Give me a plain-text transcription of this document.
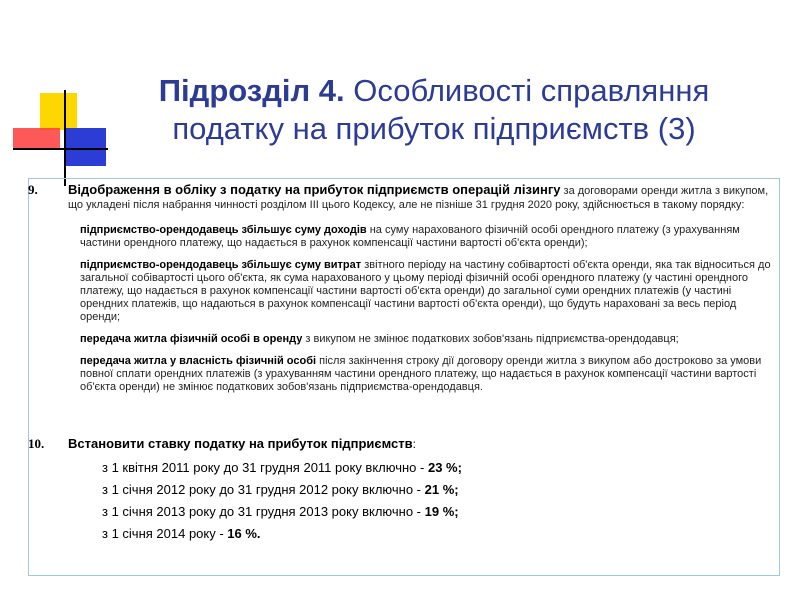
Підрозділ 4. Особливості справляння
податку на прибуток підприємств (3)
9. Відображення в обліку з податку на прибуток підприємств операцій лізингу за договорами оренди житла з викупом, що укладені після набрання чинності розділом III цього Кодексу, але не пізніше 31 грудня 2020 року, здійснюється в такому порядку:
підприємство-орендодавець збільшує суму доходів на суму нарахованого фізичній особі орендного платежу (з урахуванням частини орендного платежу, що надається в рахунок компенсації частини вартості об'єкта оренди);
підприємство-орендодавець збільшує суму витрат звітного періоду на частину собівартості об'єкта оренди, яка так відноситься до загальної собівартості цього об'єкта, як сума нарахованого у цьому періоді фізичній особі орендного платежу (у частині орендного платежу, що надається в рахунок компенсації частини вартості об'єкта оренди) до загальної суми орендних платежів (у частині орендних платежів, що надаються в рахунок компенсації частини вартості об'єкта оренди), що будуть нараховані за весь період оренди;
передача житла фізичній особі в оренду з викупом не змінює податкових зобов'язань підприємства-орендодавця;
передача житла у власність фізичній особі після закінчення строку дії договору оренди житла з викупом або достроково за умови повної сплати орендних платежів (з урахуванням частини орендного платежу, що надається в рахунок компенсації частини вартості об'єкта оренди) не змінює податкових зобов'язань підприємства-орендодавця.
10. Встановити ставку податку на прибуток підприємств:
з 1 квітня 2011 року до 31 грудня 2011 року включно - 23 %;
з 1 січня 2012 року до 31 грудня 2012 року включно - 21 %;
з 1 січня 2013 року до 31 грудня 2013 року включно - 19 %;
з 1 січня 2014 року - 16 %.
